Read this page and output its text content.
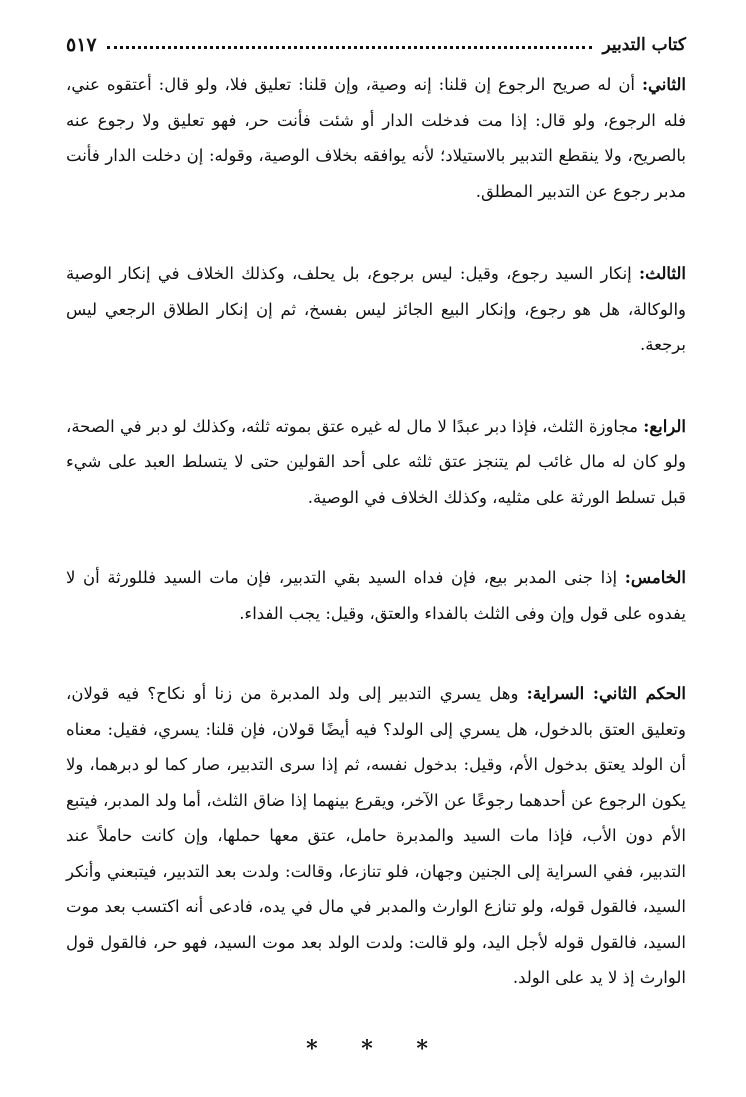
كتاب التدبير
٥١٧

الثاني: أن له صريح الرجوع إن قلنا: إنه وصية، وإن قلنا: تعليق فلا، ولو قال: أعتقوه عني، فله الرجوع، ولو قال: إذا مت فدخلت الدار أو شئت فأنت حر، فهو تعليق ولا رجوع عنه بالصريح، ولا ينقطع التدبير بالاستيلاد؛ لأنه يوافقه بخلاف الوصية، وقوله: إن دخلت الدار فأنت مدبر رجوع عن التدبير المطلق.

الثالث: إنكار السيد رجوع، وقيل: ليس برجوع، بل يحلف، وكذلك الخلاف في إنكار الوصية والوكالة، هل هو رجوع، وإنكار البيع الجائز ليس بفسخ، ثم إن إنكار الطلاق الرجعي ليس برجعة.

الرابع: مجاوزة الثلث، فإذا دبر عبدًا لا مال له غيره عتق بموته ثلثه، وكذلك لو دبر في الصحة، ولو كان له مال غائب لم يتنجز عتق ثلثه على أحد القولين حتى لا يتسلط العبد على شيء قبل تسلط الورثة على مثليه، وكذلك الخلاف في الوصية.

الخامس: إذا جنى المدبر بيع، فإن فداه السيد بقي التدبير، فإن مات السيد فللورثة أن لا يفدوه على قول وإن وفى الثلث بالفداء والعتق، وقيل: يجب الفداء.

الحكم الثاني: السراية: وهل يسري التدبير إلى ولد المدبرة من زنا أو نكاح؟ فيه قولان، وتعليق العتق بالدخول، هل يسري إلى الولد؟ فيه أيضًا قولان، فإن قلنا: يسري، فقيل: معناه أن الولد يعتق بدخول الأم، وقيل: بدخول نفسه، ثم إذا سرى التدبير، صار كما لو دبرهما، ولا يكون الرجوع عن أحدهما رجوعًا عن الآخر، ويقرع بينهما إذا ضاق الثلث، أما ولد المدبر، فيتبع الأم دون الأب، فإذا مات السيد والمدبرة حامل، عتق معها حملها، وإن كانت حاملاً عند التدبير، ففي السراية إلى الجنين وجهان، فلو تنازعا، وقالت: ولدت بعد التدبير، فيتبعني وأنكر السيد، فالقول قوله، ولو تنازع الوارث والمدبر في مال في يده، فادعى أنه اكتسب بعد موت السيد، فالقول قوله لأجل اليد، ولو قالت: ولدت الولد بعد موت السيد، فهو حر، فالقول قول الوارث إذ لا يد على الولد.

* * *
